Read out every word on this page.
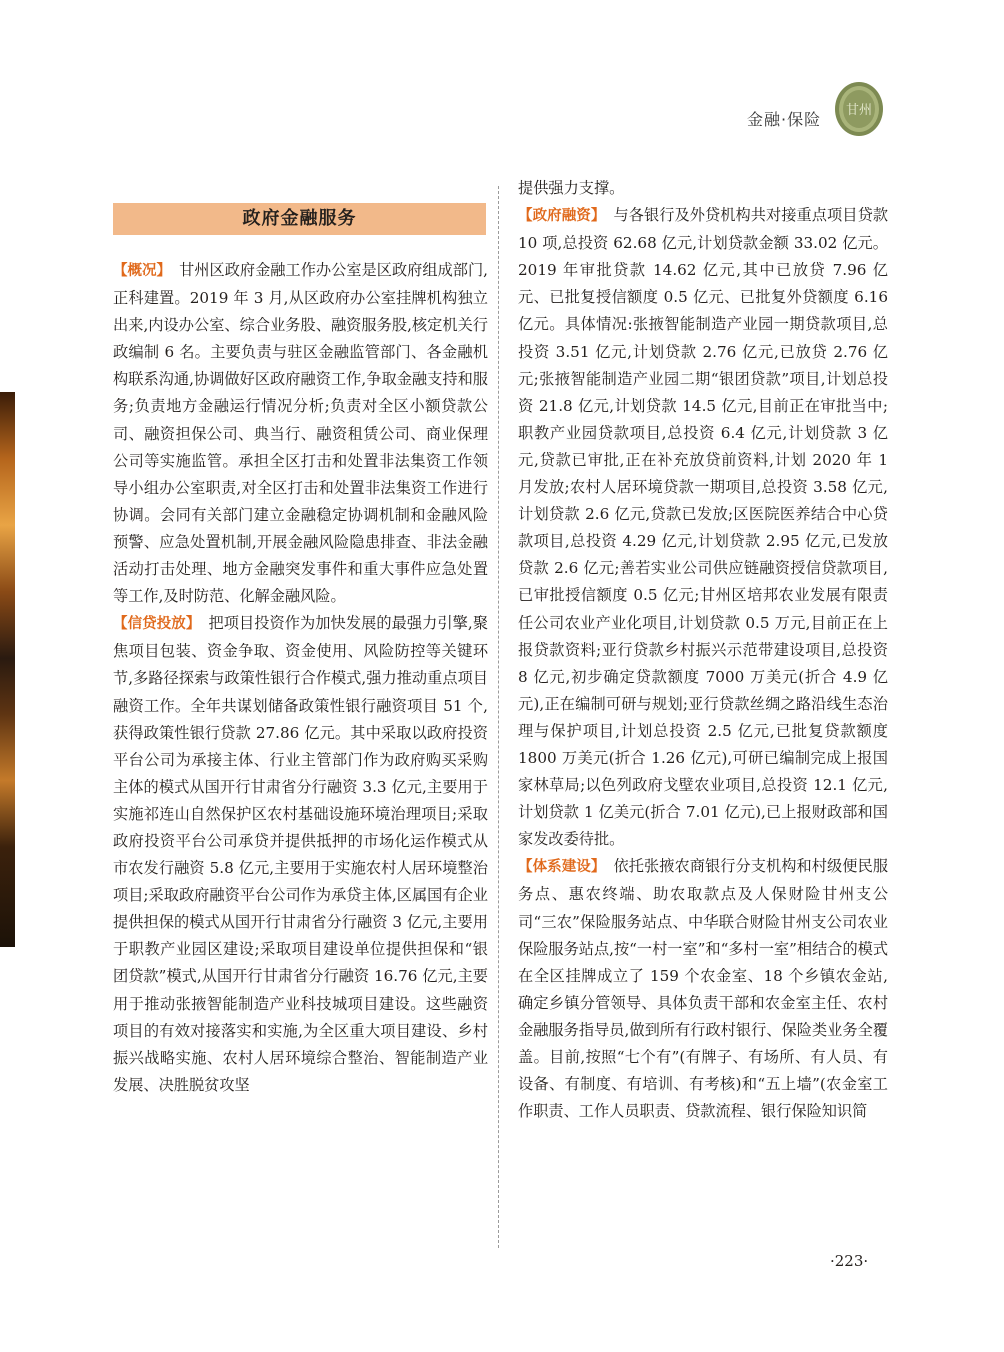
金融·保险 甘州
政府金融服务

【概况】 甘州区政府金融工作办公室是区政府组成部门,正科建置。2019 年 3 月,从区政府办公室挂牌机构独立出来,内设办公室、综合业务股、融资服务股,核定机关行政编制 6 名。主要负责与驻区金融监管部门、各金融机构联系沟通,协调做好区政府融资工作,争取金融支持和服务;负责地方金融运行情况分析;负责对全区小额贷款公司、融资担保公司、典当行、融资租赁公司、商业保理公司等实施监管。承担全区打击和处置非法集资工作领导小组办公室职责,对全区打击和处置非法集资工作进行协调。会同有关部门建立金融稳定协调机制和金融风险预警、应急处置机制,开展金融风险隐患排查、非法金融活动打击处理、地方金融突发事件和重大事件应急处置等工作,及时防范、化解金融风险。

【信贷投放】 把项目投资作为加快发展的最强力引擎,聚焦项目包装、资金争取、资金使用、风险防控等关键环节,多路径探索与政策性银行合作模式,强力推动重点项目融资工作。全年共谋划储备政策性银行融资项目 51 个,获得政策性银行贷款 27.86 亿元。其中采取以政府投资平台公司为承接主体、行业主管部门作为政府购买采购主体的模式从国开行甘肃省分行融资 3.3 亿元,主要用于实施祁连山自然保护区农村基础设施环境治理项目;采取政府投资平台公司承贷并提供抵押的市场化运作模式从市农发行融资 5.8 亿元,主要用于实施农村人居环境整治项目;采取政府融资平台公司作为承贷主体,区属国有企业提供担保的模式从国开行甘肃省分行融资 3 亿元,主要用于职教产业园区建设;采取项目建设单位提供担保和“银团贷款”模式,从国开行甘肃省分行融资 16.76 亿元,主要用于推动张掖智能制造产业科技城项目建设。这些融资项目的有效对接落实和实施,为全区重大项目建设、乡村振兴战略实施、农村人居环境综合整治、智能制造产业发展、决胜脱贫攻坚

提供强力支撑。

【政府融资】 与各银行及外贷机构共对接重点项目贷款 10 项,总投资 62.68 亿元,计划贷款金额 33.02 亿元。2019 年审批贷款 14.62 亿元,其中已放贷 7.96 亿元、已批复授信额度 0.5 亿元、已批复外贷额度 6.16 亿元。具体情况:张掖智能制造产业园一期贷款项目,总投资 3.51 亿元,计划贷款 2.76 亿元,已放贷 2.76 亿元;张掖智能制造产业园二期“银团贷款”项目,计划总投资 21.8 亿元,计划贷款 14.5 亿元,目前正在审批当中;职教产业园贷款项目,总投资 6.4 亿元,计划贷款 3 亿元,贷款已审批,正在补充放贷前资料,计划 2020 年 1 月发放;农村人居环境贷款一期项目,总投资 3.58 亿元,计划贷款 2.6 亿元,贷款已发放;区医院医养结合中心贷款项目,总投资 4.29 亿元,计划贷款 2.95 亿元,已发放贷款 2.6 亿元;善若实业公司供应链融资授信贷款项目,已审批授信额度 0.5 亿元;甘州区培邦农业发展有限责任公司农业产业化项目,计划贷款 0.5 万元,目前正在上报贷款资料;亚行贷款乡村振兴示范带建设项目,总投资 8 亿元,初步确定贷款额度 7000 万美元(折合 4.9 亿元),正在编制可研与规划;亚行贷款丝绸之路沿线生态治理与保护项目,计划总投资 2.5 亿元,已批复贷款额度 1800 万美元(折合 1.26 亿元),可研已编制完成上报国家林草局;以色列政府戈壁农业项目,总投资 12.1 亿元,计划贷款 1 亿美元(折合 7.01 亿元),已上报财政部和国家发改委待批。

【体系建设】 依托张掖农商银行分支机构和村级便民服务点、惠农终端、助农取款点及人保财险甘州支公司“三农”保险服务站点、中华联合财险甘州支公司农业保险服务站点,按“一村一室”和“多村一室”相结合的模式在全区挂牌成立了 159 个农金室、18 个乡镇农金站,确定乡镇分管领导、具体负责干部和农金室主任、农村金融服务指导员,做到所有行政村银行、保险类业务全覆盖。目前,按照“七个有”(有牌子、有场所、有人员、有设备、有制度、有培训、有考核)和“五上墙”(农金室工作职责、工作人员职责、贷款流程、银行保险知识简

·223·
